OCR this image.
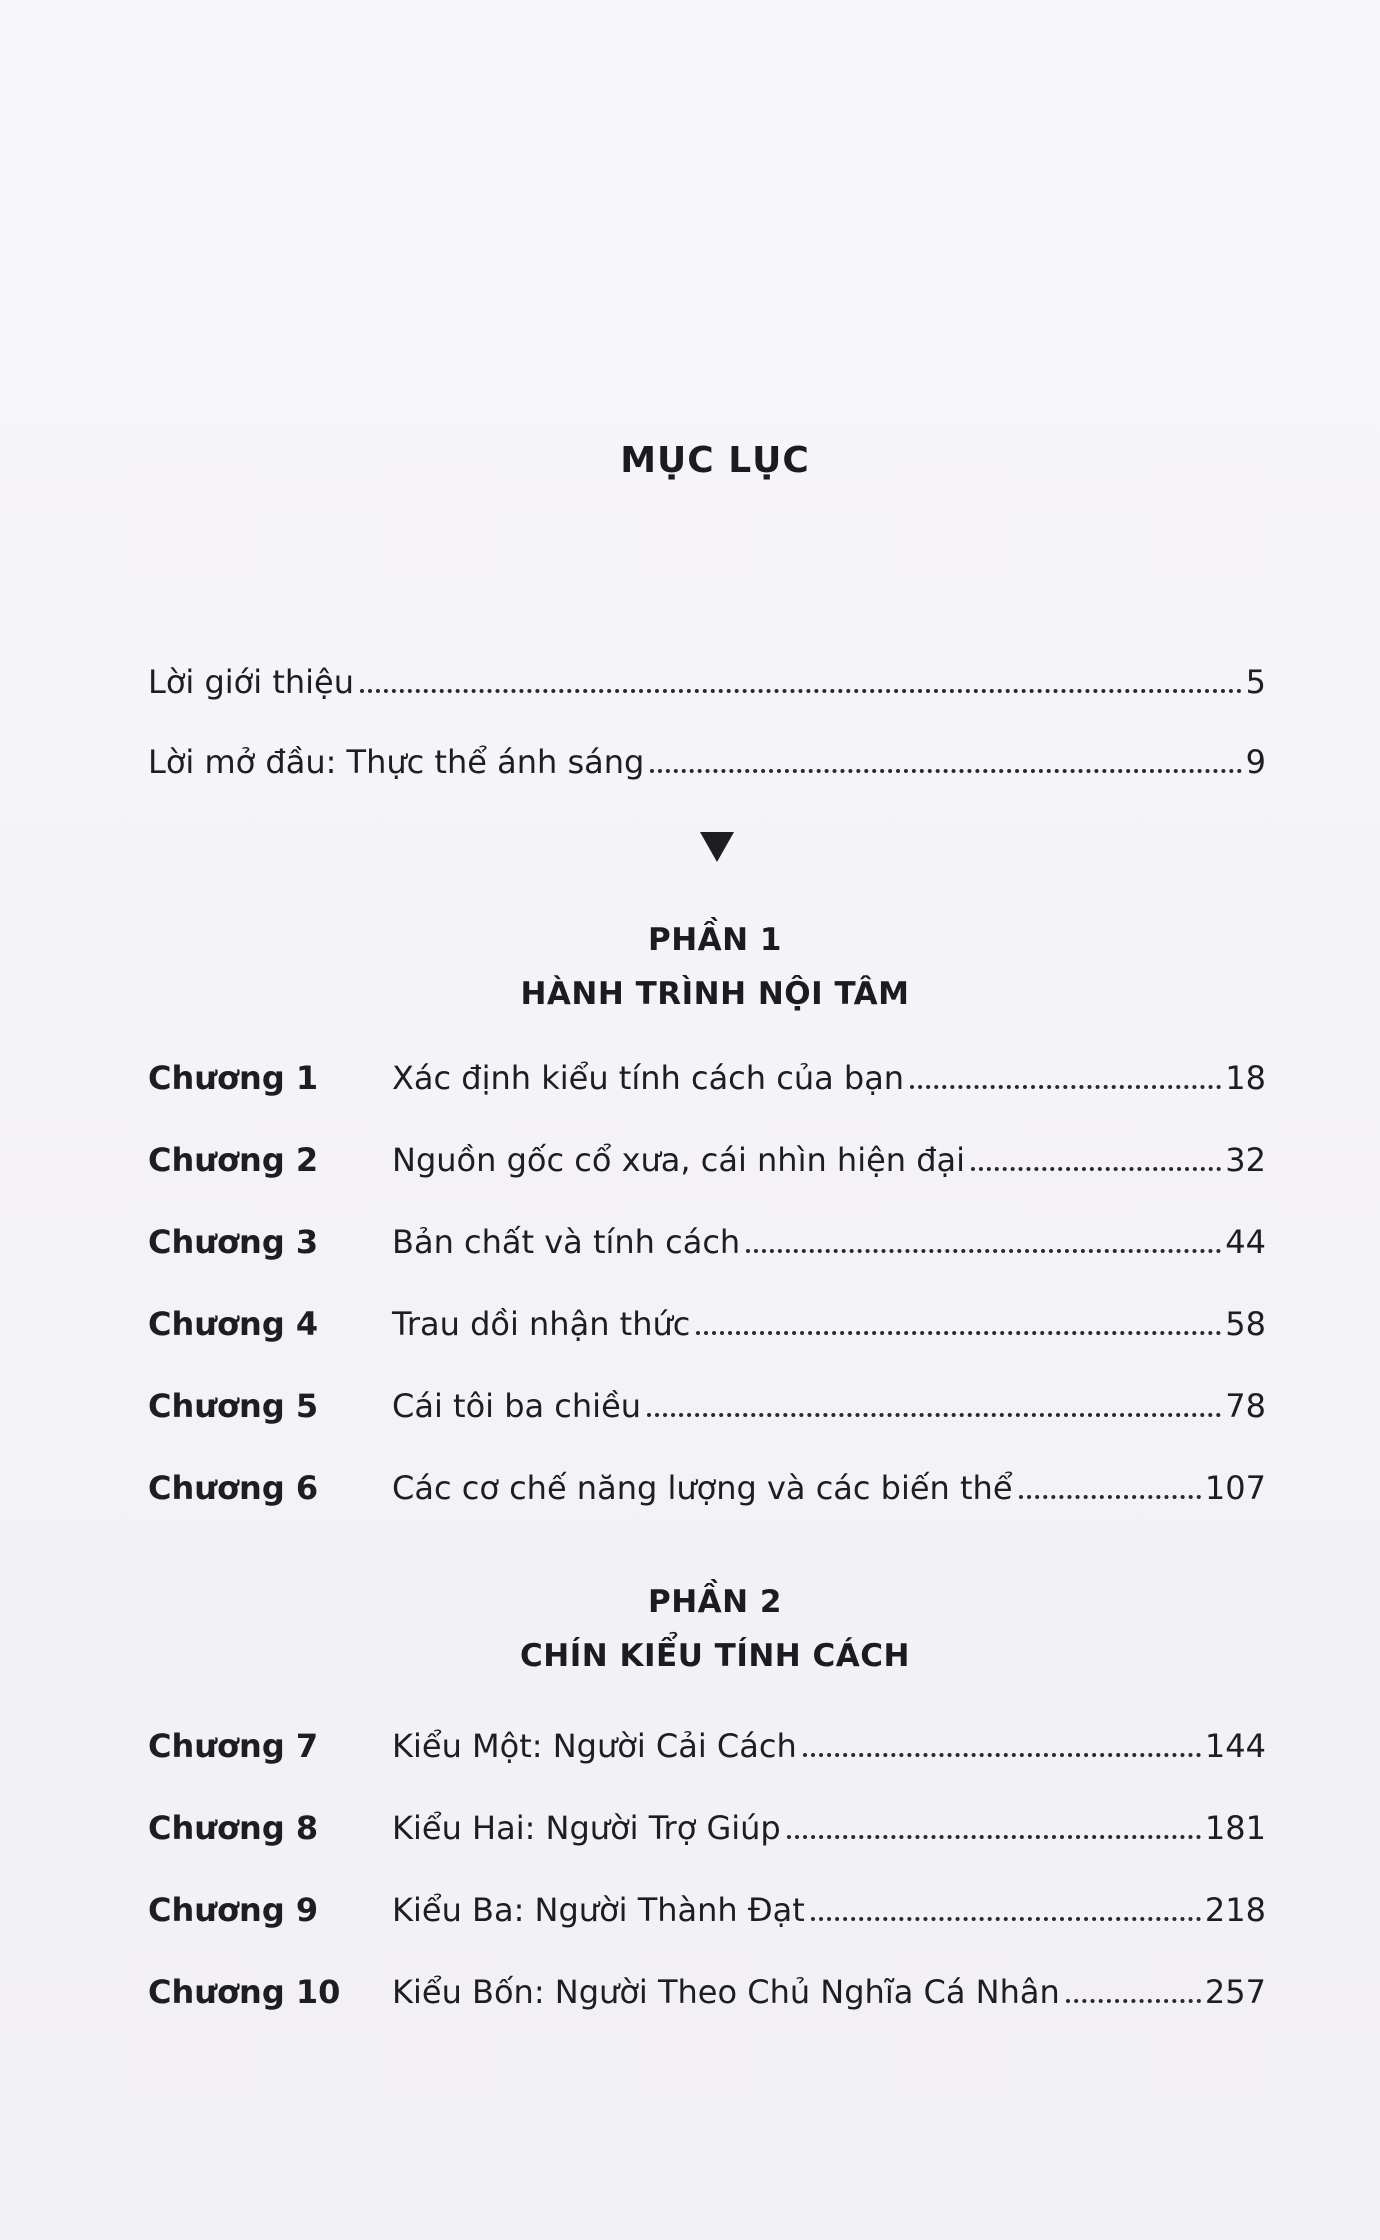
MỤC LỤC
Lời giới thiệu	5
Lời mở đầu: Thực thể ánh sáng	9
PHẦN 1
HÀNH TRÌNH NỘI TÂM
Chương 1	Xác định kiểu tính cách của bạn	18
Chương 2	Nguồn gốc cổ xưa, cái nhìn hiện đại	32
Chương 3	Bản chất và tính cách	44
Chương 4	Trau dồi nhận thức	58
Chương 5	Cái tôi ba chiều	78
Chương 6	Các cơ chế năng lượng và các biến thể	107
PHẦN 2
CHÍN KIỂU TÍNH CÁCH
Chương 7	Kiểu Một: Người Cải Cách	144
Chương 8	Kiểu Hai: Người Trợ Giúp	181
Chương 9	Kiểu Ba: Người Thành Đạt	218
Chương 10	Kiểu Bốn: Người Theo Chủ Nghĩa Cá Nhân	257
